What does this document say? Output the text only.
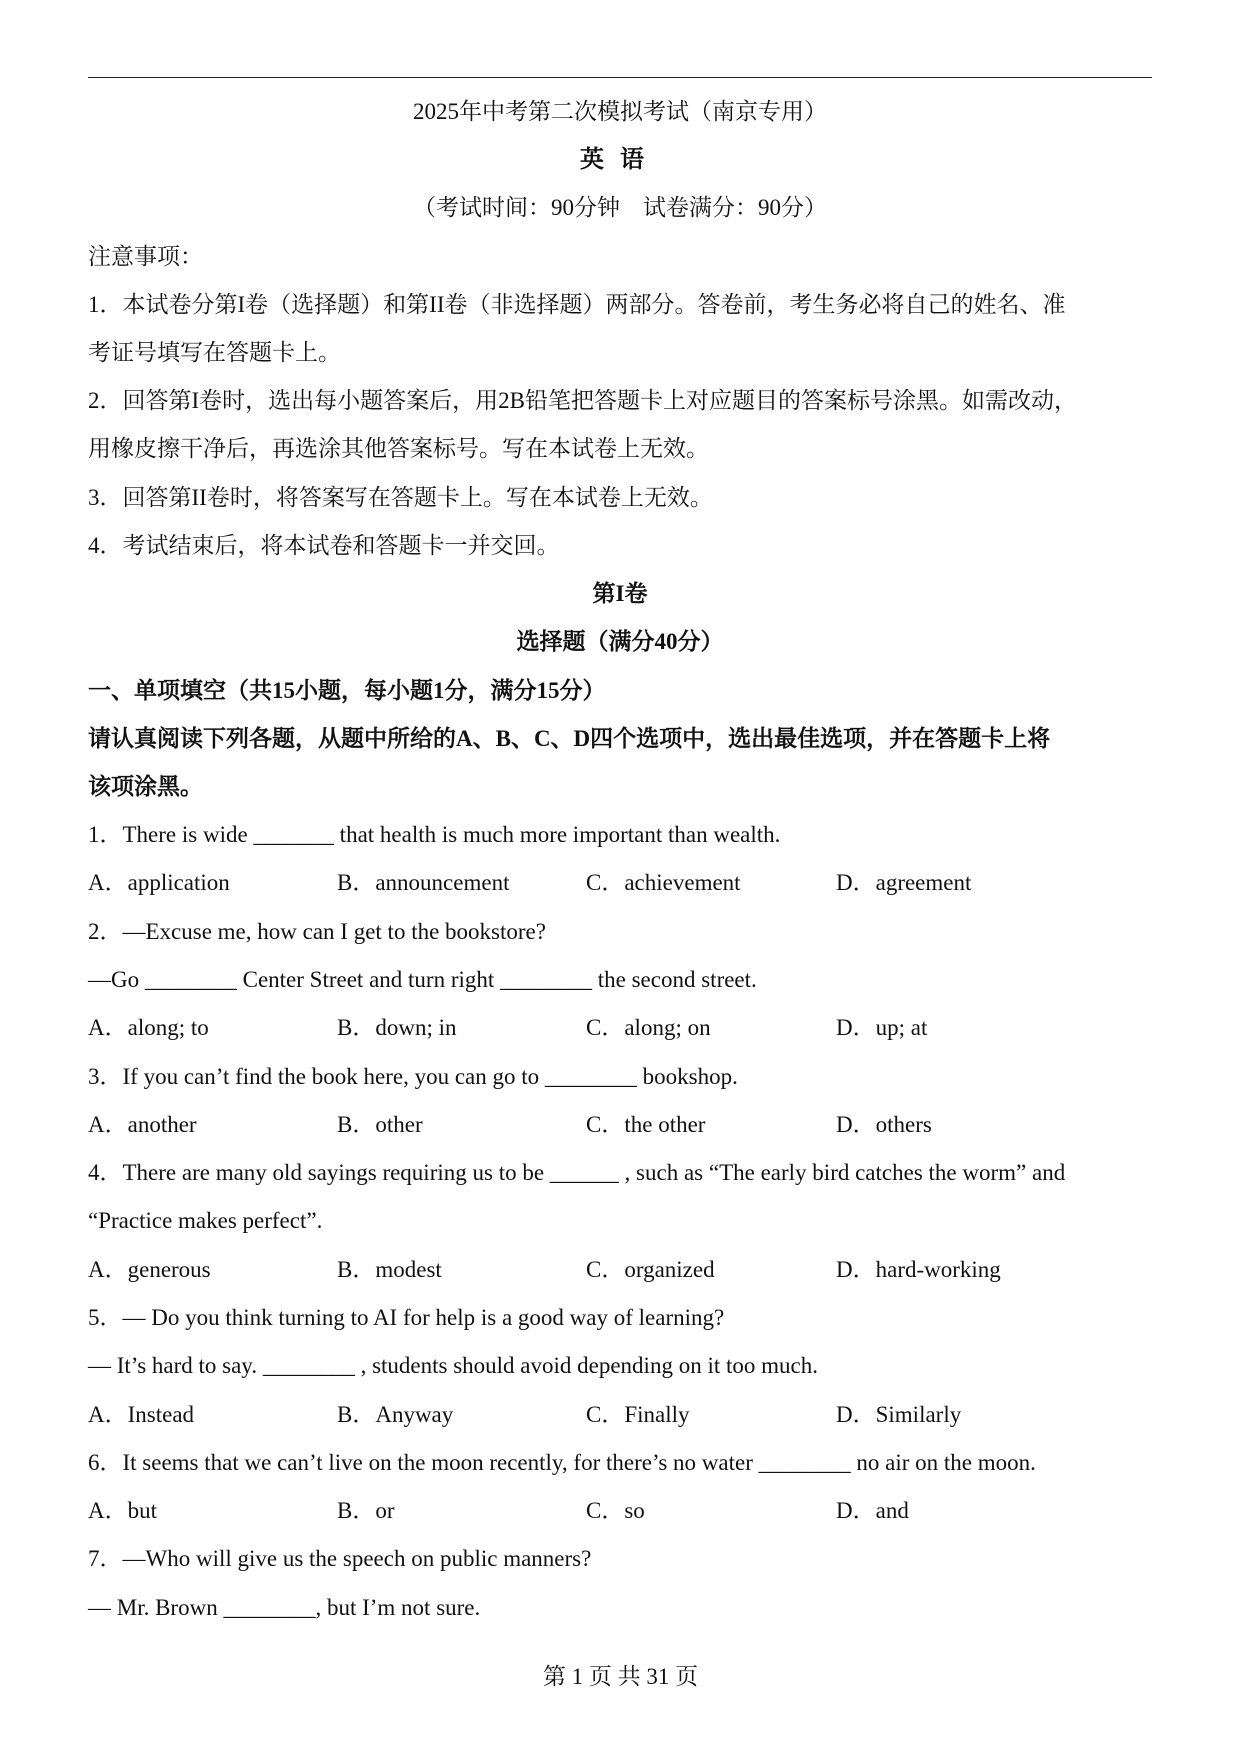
2025年中考第二次模拟考试（南京专用）
英语
（考试时间：90分钟　试卷满分：90分）
注意事项：
1．本试卷分第I卷（选择题）和第II卷（非选择题）两部分。答卷前，考生务必将自己的姓名、准
考证号填写在答题卡上。
2．回答第I卷时，选出每小题答案后，用2B铅笔把答题卡上对应题目的答案标号涂黑。如需改动，
用橡皮擦干净后，再选涂其他答案标号。写在本试卷上无效。
3．回答第II卷时，将答案写在答题卡上。写在本试卷上无效。
4．考试结束后，将本试卷和答题卡一并交回。
第I卷
选择题（满分40分）
一、单项填空（共15小题，每小题1分，满分15分）
请认真阅读下列各题，从题中所给的A、B、C、D四个选项中，选出最佳选项，并在答题卡上将
该项涂黑。
1．There is wide _______ that health is much more important than wealth.
A．application	B．announcement	C．achievement	D．agreement
2．—Excuse me, how can I get to the bookstore?
—Go ________ Center Street and turn right ________ the second street.
A．along; to	B．down; in	C．along; on	D．up; at
3．If you can’t find the book here, you can go to ________ bookshop.
A．another	B．other	C．the other	D．others
4．There are many old sayings requiring us to be ______ , such as “The early bird catches the worm” and
“Practice makes perfect”.
A．generous	B．modest	C．organized	D．hard-working
5．— Do you think turning to AI for help is a good way of learning?
— It’s hard to say. ________ , students should avoid depending on it too much.
A．Instead	B．Anyway	C．Finally	D．Similarly
6．It seems that we can’t live on the moon recently, for there’s no water ________ no air on the moon.
A．but	B．or	C．so	D．and
7．—Who will give us the speech on public manners?
— Mr. Brown ________, but I’m not sure.
第 1 页 共 31 页
